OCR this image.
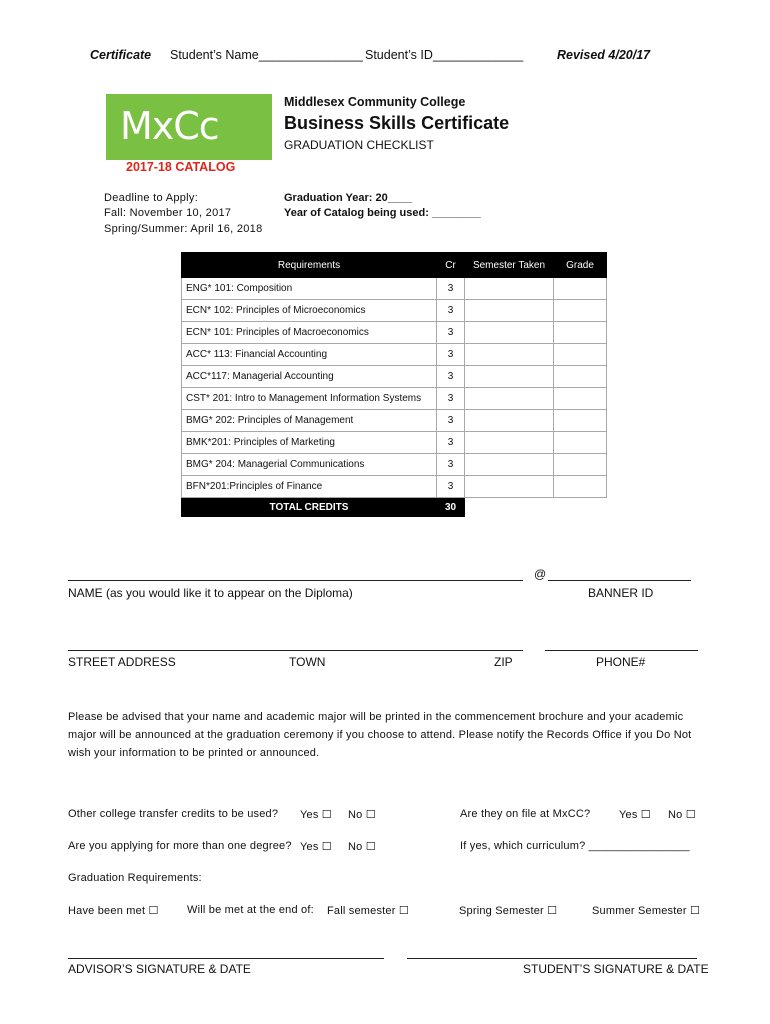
Certificate Student’s Name_______________ Student’s ID_____________	Revised 4/20/17
MxCc
2017-18 CATALOG
Middlesex Community College
Business Skills Certificate
GRADUATION CHECKLIST
Deadline to Apply:
Fall: November 10, 2017
Spring/Summer: April 16, 2018
Graduation Year: 20____
Year of Catalog being used: ________
Requirements	Cr	Semester Taken	Grade
ENG* 101: Composition	3		
ECN* 102: Principles of Microeconomics	3		
ECN* 101: Principles of Macroeconomics	3		
ACC* 113: Financial Accounting	3		
ACC*117: Managerial Accounting	3		
CST* 201: Intro to Management Information Systems	3		
BMG* 202: Principles of Management	3		
BMK*201: Principles of Marketing	3		
BMG* 204: Managerial Communications	3		
BFN*201:Principles of Finance	3		
TOTAL CREDITS	30		
@
NAME (as you would like it to appear on the Diploma)	BANNER ID
STREET ADDRESS	TOWN	ZIP	PHONE#
Please be advised that your name and academic major will be printed in the commencement brochure and your academic major will be announced at the graduation ceremony if you choose to attend. Please notify the Records Office if you Do Not wish your information to be printed or announced.
Other college transfer credits to be used? Yes ☐ No ☐	Are they on file at MxCC?	Yes ☐ No ☐
Are you applying for more than one degree? Yes ☐ No ☐	If yes, which curriculum? ________________
Graduation Requirements:
Have been met ☐	Will be met at the end of: Fall semester ☐	Spring Semester ☐	Summer Semester ☐
ADVISOR’S SIGNATURE & DATE	STUDENT’S SIGNATURE & DATE
